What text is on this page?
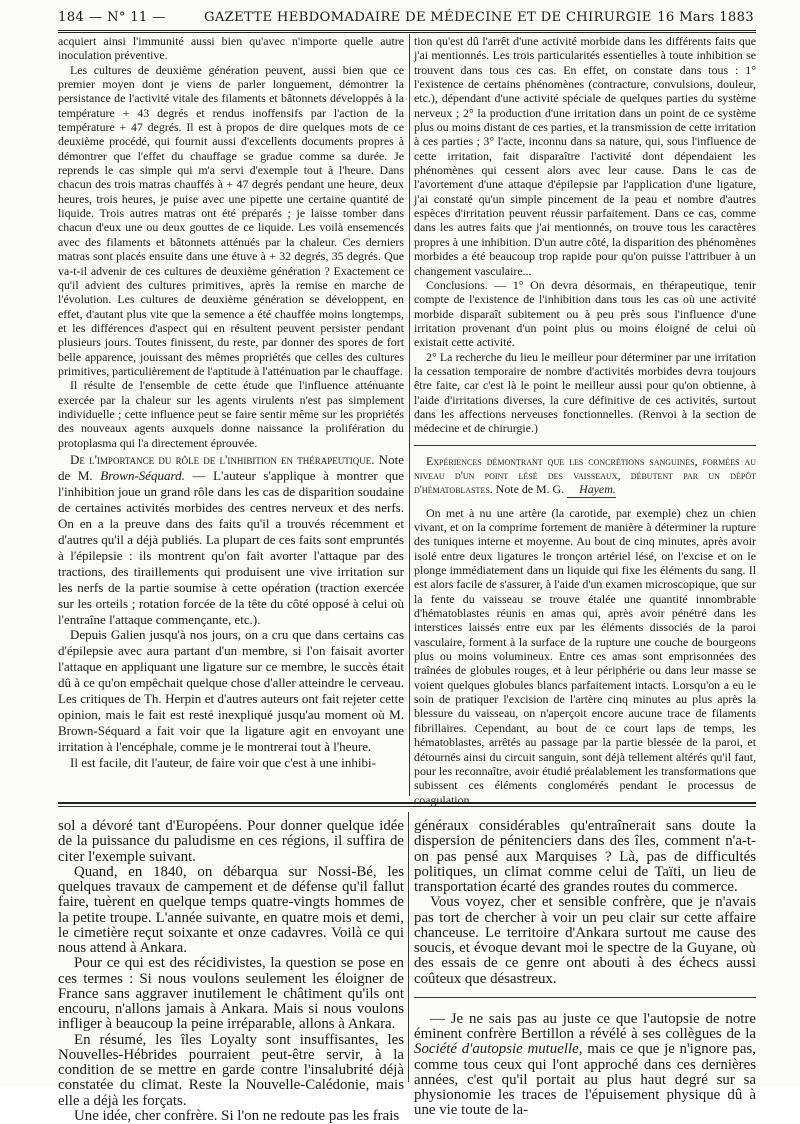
184 — N° 11 —	GAZETTE HEBDOMADAIRE DE MÉDECINE ET DE CHIRURGIE 16 Mars 1883

acquiert ainsi l'immunité aussi bien qu'avec n'importe quelle autre inoculation préventive.

Les cultures de deuxième génération peuvent, aussi bien que ce premier moyen dont je viens de parler longuement, démontrer la persistance de l'activité vitale des filaments et bâtonnets développés à la température + 43 degrés et rendus inoffensifs par l'action de la température + 47 degrés. Il est à propos de dire quelques mots de ce deuxième procédé, qui fournit aussi d'excellents documents propres à démontrer que l'effet du chauffage se gradue comme sa durée. Je reprends le cas simple qui m'a servi d'exemple tout à l'heure. Dans chacun des trois matras chauffés à + 47 degrés pendant une heure, deux heures, trois heures, je puise avec une pipette une certaine quantité de liquide. Trois autres matras ont été préparés ; je laisse tomber dans chacun d'eux une ou deux gouttes de ce liquide. Les voilà ensemencés avec des filaments et bâtonnets atténués par la chaleur. Ces derniers matras sont placés ensuite dans une étuve à + 32 degrés, 35 degrés. Que va-t-il advenir de ces cultures de deuxième génération ? Exactement ce qu'il advient des cultures primitives, après la remise en marche de l'évolution. Les cultures de deuxième génération se développent, en effet, d'autant plus vite que la semence a été chauffée moins longtemps, et les différences d'aspect qui en résultent peuvent persister pendant plusieurs jours. Toutes finissent, du reste, par donner des spores de fort belle apparence, jouissant des mêmes propriétés que celles des cultures primitives, particulièrement de l'aptitude à l'atténuation par le chauffage.

Il résulte de l'ensemble de cette étude que l'influence atténuante exercée par la chaleur sur les agents virulents n'est pas simplement individuelle ; cette influence peut se faire sentir même sur les propriétés des nouveaux agents auxquels donne naissance la prolifération du protoplasma qui l'a directement éprouvée.

De l'importance du rôle de l'inhibition en thérapeutique. Note de M. Brown-Séquard. — L'auteur s'applique à montrer que l'inhibition joue un grand rôle dans les cas de disparition soudaine de certaines activités morbides des centres nerveux et des nerfs. On en a la preuve dans des faits qu'il a trouvés récemment et d'autres qu'il a déjà publiés. La plupart de ces faits sont empruntés à l'épilepsie : ils montrent qu'on fait avorter l'attaque par des tractions, des tiraillements qui produisent une vive irritation sur les nerfs de la partie soumise à cette opération (traction exercée sur les orteils ; rotation forcée de la tête du côté opposé à celui où l'entraîne l'attaque commençante, etc.).

Depuis Galien jusqu'à nos jours, on a cru que dans certains cas d'épilepsie avec aura partant d'un membre, si l'on faisait avorter l'attaque en appliquant une ligature sur ce membre, le succès était dû à ce qu'on empêchait quelque chose d'aller atteindre le cerveau. Les critiques de Th. Herpin et d'autres auteurs ont fait rejeter cette opinion, mais le fait est resté inexpliqué jusqu'au moment où M. Brown-Séquard a fait voir que la ligature agit en envoyant une irritation à l'encéphale, comme je le montrerai tout à l'heure.

Il est facile, dit l'auteur, de faire voir que c'est à une inhibi-

tion qu'est dû l'arrêt d'une activité morbide dans les différents faits que j'ai mentionnés. Les trois particularités essentielles à toute inhibition se trouvent dans tous ces cas. En effet, on constate dans tous : 1° l'existence de certains phénomènes (contracture, convulsions, douleur, etc.), dépendant d'une activité spéciale de quelques parties du système nerveux ; 2° la production d'une irritation dans un point de ce système plus ou moins distant de ces parties, et la transmission de cette irritation à ces parties ; 3° l'acte, inconnu dans sa nature, qui, sous l'influence de cette irritation, fait disparaître l'activité dont dépendaient les phénomènes qui cessent alors avec leur cause. Dans le cas de l'avortement d'une attaque d'épilepsie par l'application d'une ligature, j'ai constaté qu'un simple pincement de la peau et nombre d'autres espèces d'irritation peuvent réussir parfaitement. Dans ce cas, comme dans les autres faits que j'ai mentionnés, on trouve tous les caractères propres à une inhibition. D'un autre côté, la disparition des phénomènes morbides a été beaucoup trop rapide pour qu'on puisse l'attribuer à un changement vasculaire...

Conclusions. — 1° On devra désormais, en thérapeutique, tenir compte de l'existence de l'inhibition dans tous les cas où une activité morbide disparaît subitement ou à peu près sous l'influence d'une irritation provenant d'un point plus ou moins éloigné de celui où existait cette activité.

2° La recherche du lieu le meilleur pour déterminer par une irritation la cessation temporaire de nombre d'activités morbides devra toujours être faite, car c'est là le point le meilleur aussi pour qu'on obtienne, à l'aide d'irritations diverses, la cure définitive de ces activités, surtout dans les affections nerveuses fonctionnelles. (Renvoi à la section de médecine et de chirurgie.)

Expériences démontrant que les concrétions sanguines, formées au niveau d'un point lésé des vaisseaux, débutent par un dépôt d'hématoblastes. Note de M. G. Hayem.

On met à nu une artère (la carotide, par exemple) chez un chien vivant, et on la comprime fortement de manière à déterminer la rupture des tuniques interne et moyenne. Au bout de cinq minutes, après avoir isolé entre deux ligatures le tronçon artériel lésé, on l'excise et on le plonge immédiatement dans un liquide qui fixe les éléments du sang. Il est alors facile de s'assurer, à l'aide d'un examen microscopique, que sur la fente du vaisseau se trouve étalée une quantité innombrable d'hématoblastes réunis en amas qui, après avoir pénétré dans les interstices laissés entre eux par les éléments dissociés de la paroi vasculaire, forment à la surface de la rupture une couche de bourgeons plus ou moins volumineux. Entre ces amas sont emprisonnées des traînées de globules rouges, et à leur périphérie ou dans leur masse se voient quelques globules blancs parfaitement intacts. Lorsqu'on a eu le soin de pratiquer l'excision de l'artère cinq minutes au plus après la blessure du vaisseau, on n'aperçoit encore aucune trace de filaments fibrillaires. Cependant, au bout de ce court laps de temps, les hématoblastes, arrêtés au passage par la partie blessée de la paroi, et détournés ainsi du circuit sanguin, sont déjà tellement altérés qu'il faut, pour les reconnaître, avoir étudié préalablement les transformations que subissent ces éléments conglomérés pendant le processus de coagulation.

sol a dévoré tant d'Européens. Pour donner quelque idée de la puissance du paludisme en ces régions, il suffira de citer l'exemple suivant.

Quand, en 1840, on débarqua sur Nossi-Bé, les quelques travaux de campement et de défense qu'il fallut faire, tuèrent en quelque temps quatre-vingts hommes de la petite troupe. L'année suivante, en quatre mois et demi, le cimetière reçut soixante et onze cadavres. Voilà ce qui nous attend à Ankara.

Pour ce qui est des récidivistes, la question se pose en ces termes : Si nous voulons seulement les éloigner de France sans aggraver inutilement le châtiment qu'ils ont encouru, n'allons jamais à Ankara. Mais si nous voulons infliger à beaucoup la peine irréparable, allons à Ankara.

En résumé, les îles Loyalty sont insuffisantes, les Nouvelles-Hébrides pourraient peut-être servir, à la condition de se mettre en garde contre l'insalubrité déjà constatée du climat. Reste la Nouvelle-Calédonie, mais elle a déjà les forçats.

Une idée, cher confrère. Si l'on ne redoute pas les frais

généraux considérables qu'entraînerait sans doute la dispersion de pénitenciers dans des îles, comment n'a-t-on pas pensé aux Marquises ? Là, pas de difficultés politiques, un climat comme celui de Taïti, un lieu de transportation écarté des grandes routes du commerce.

Vous voyez, cher et sensible confrère, que je n'avais pas tort de chercher à voir un peu clair sur cette affaire chanceuse. Le territoire d'Ankara surtout me cause des soucis, et évoque devant moi le spectre de la Guyane, où des essais de ce genre ont abouti à des échecs aussi coûteux que désastreux.

— Je ne sais pas au juste ce que l'autopsie de notre éminent confrère Bertillon a révélé à ses collègues de la Société d'autopsie mutuelle, mais ce que je n'ignore pas, comme tous ceux qui l'ont approché dans ces dernières années, c'est qu'il portait au plus haut degré sur sa physionomie les traces de l'épuisement physique dû à une vie toute de la-
